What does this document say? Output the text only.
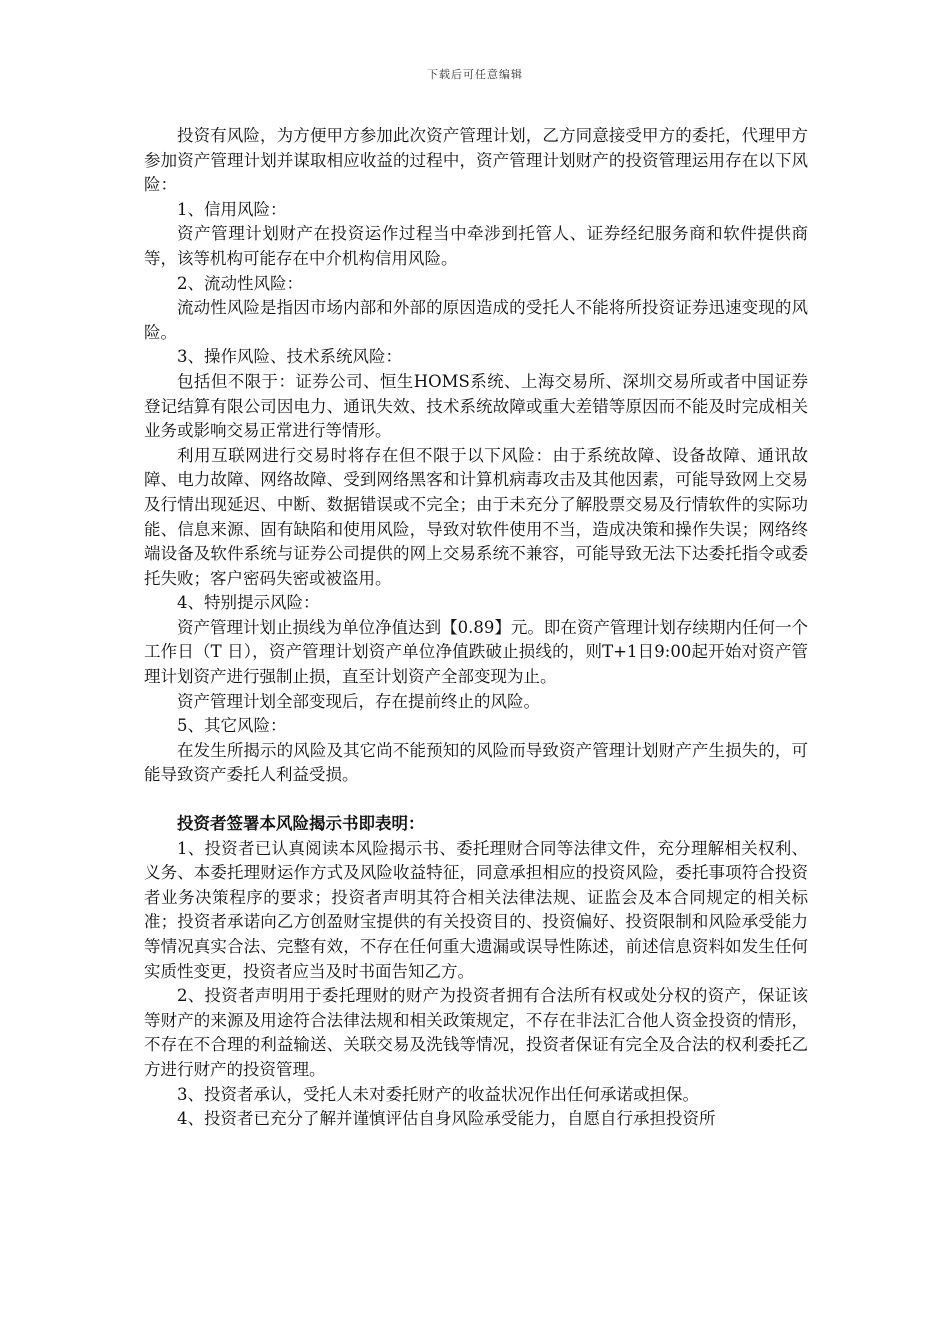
下载后可任意编辑

投资有风险，为方便甲方参加此次资产管理计划，乙方同意接受甲方的委托，代理甲方参加资产管理计划并谋取相应收益的过程中，资产管理计划财产的投资管理运用存在以下风险：

1、信用风险：

资产管理计划财产在投资运作过程当中牵涉到托管人、证券经纪服务商和软件提供商等，该等机构可能存在中介机构信用风险。

2、流动性风险：

流动性风险是指因市场内部和外部的原因造成的受托人不能将所投资证券迅速变现的风险。

3、操作风险、技术系统风险：

包括但不限于：证券公司、恒生HOMS系统、上海交易所、深圳交易所或者中国证券登记结算有限公司因电力、通讯失效、技术系统故障或重大差错等原因而不能及时完成相关业务或影响交易正常进行等情形。

利用互联网进行交易时将存在但不限于以下风险：由于系统故障、设备故障、通讯故障、电力故障、网络故障、受到网络黑客和计算机病毒攻击及其他因素，可能导致网上交易及行情出现延迟、中断、数据错误或不完全；由于未充分了解股票交易及行情软件的实际功能、信息来源、固有缺陷和使用风险，导致对软件使用不当，造成决策和操作失误；网络终端设备及软件系统与证券公司提供的网上交易系统不兼容，可能导致无法下达委托指令或委托失败；客户密码失密或被盗用。

4、特别提示风险：

资产管理计划止损线为单位净值达到【0.89】元。即在资产管理计划存续期内任何一个工作日（T 日），资产管理计划资产单位净值跌破止损线的，则T+1日9:00起开始对资产管理计划资产进行强制止损，直至计划资产全部变现为止。

资产管理计划全部变现后，存在提前终止的风险。

5、其它风险：

在发生所揭示的风险及其它尚不能预知的风险而导致资产管理计划财产产生损失的，可能导致资产委托人利益受损。

投资者签署本风险揭示书即表明：

1、投资者已认真阅读本风险揭示书、委托理财合同等法律文件，充分理解相关权利、义务、本委托理财运作方式及风险收益特征，同意承担相应的投资风险，委托事项符合投资者业务决策程序的要求；投资者声明其符合相关法律法规、证监会及本合同规定的相关标准；投资者承诺向乙方创盈财宝提供的有关投资目的、投资偏好、投资限制和风险承受能力等情况真实合法、完整有效，不存在任何重大遗漏或误导性陈述，前述信息资料如发生任何实质性变更，投资者应当及时书面告知乙方。

2、投资者声明用于委托理财的财产为投资者拥有合法所有权或处分权的资产，保证该等财产的来源及用途符合法律法规和相关政策规定，不存在非法汇合他人资金投资的情形，不存在不合理的利益输送、关联交易及洗钱等情况，投资者保证有完全及合法的权利委托乙方进行财产的投资管理。

3、投资者承认，受托人未对委托财产的收益状况作出任何承诺或担保。

4、投资者已充分了解并谨慎评估自身风险承受能力，自愿自行承担投资所
